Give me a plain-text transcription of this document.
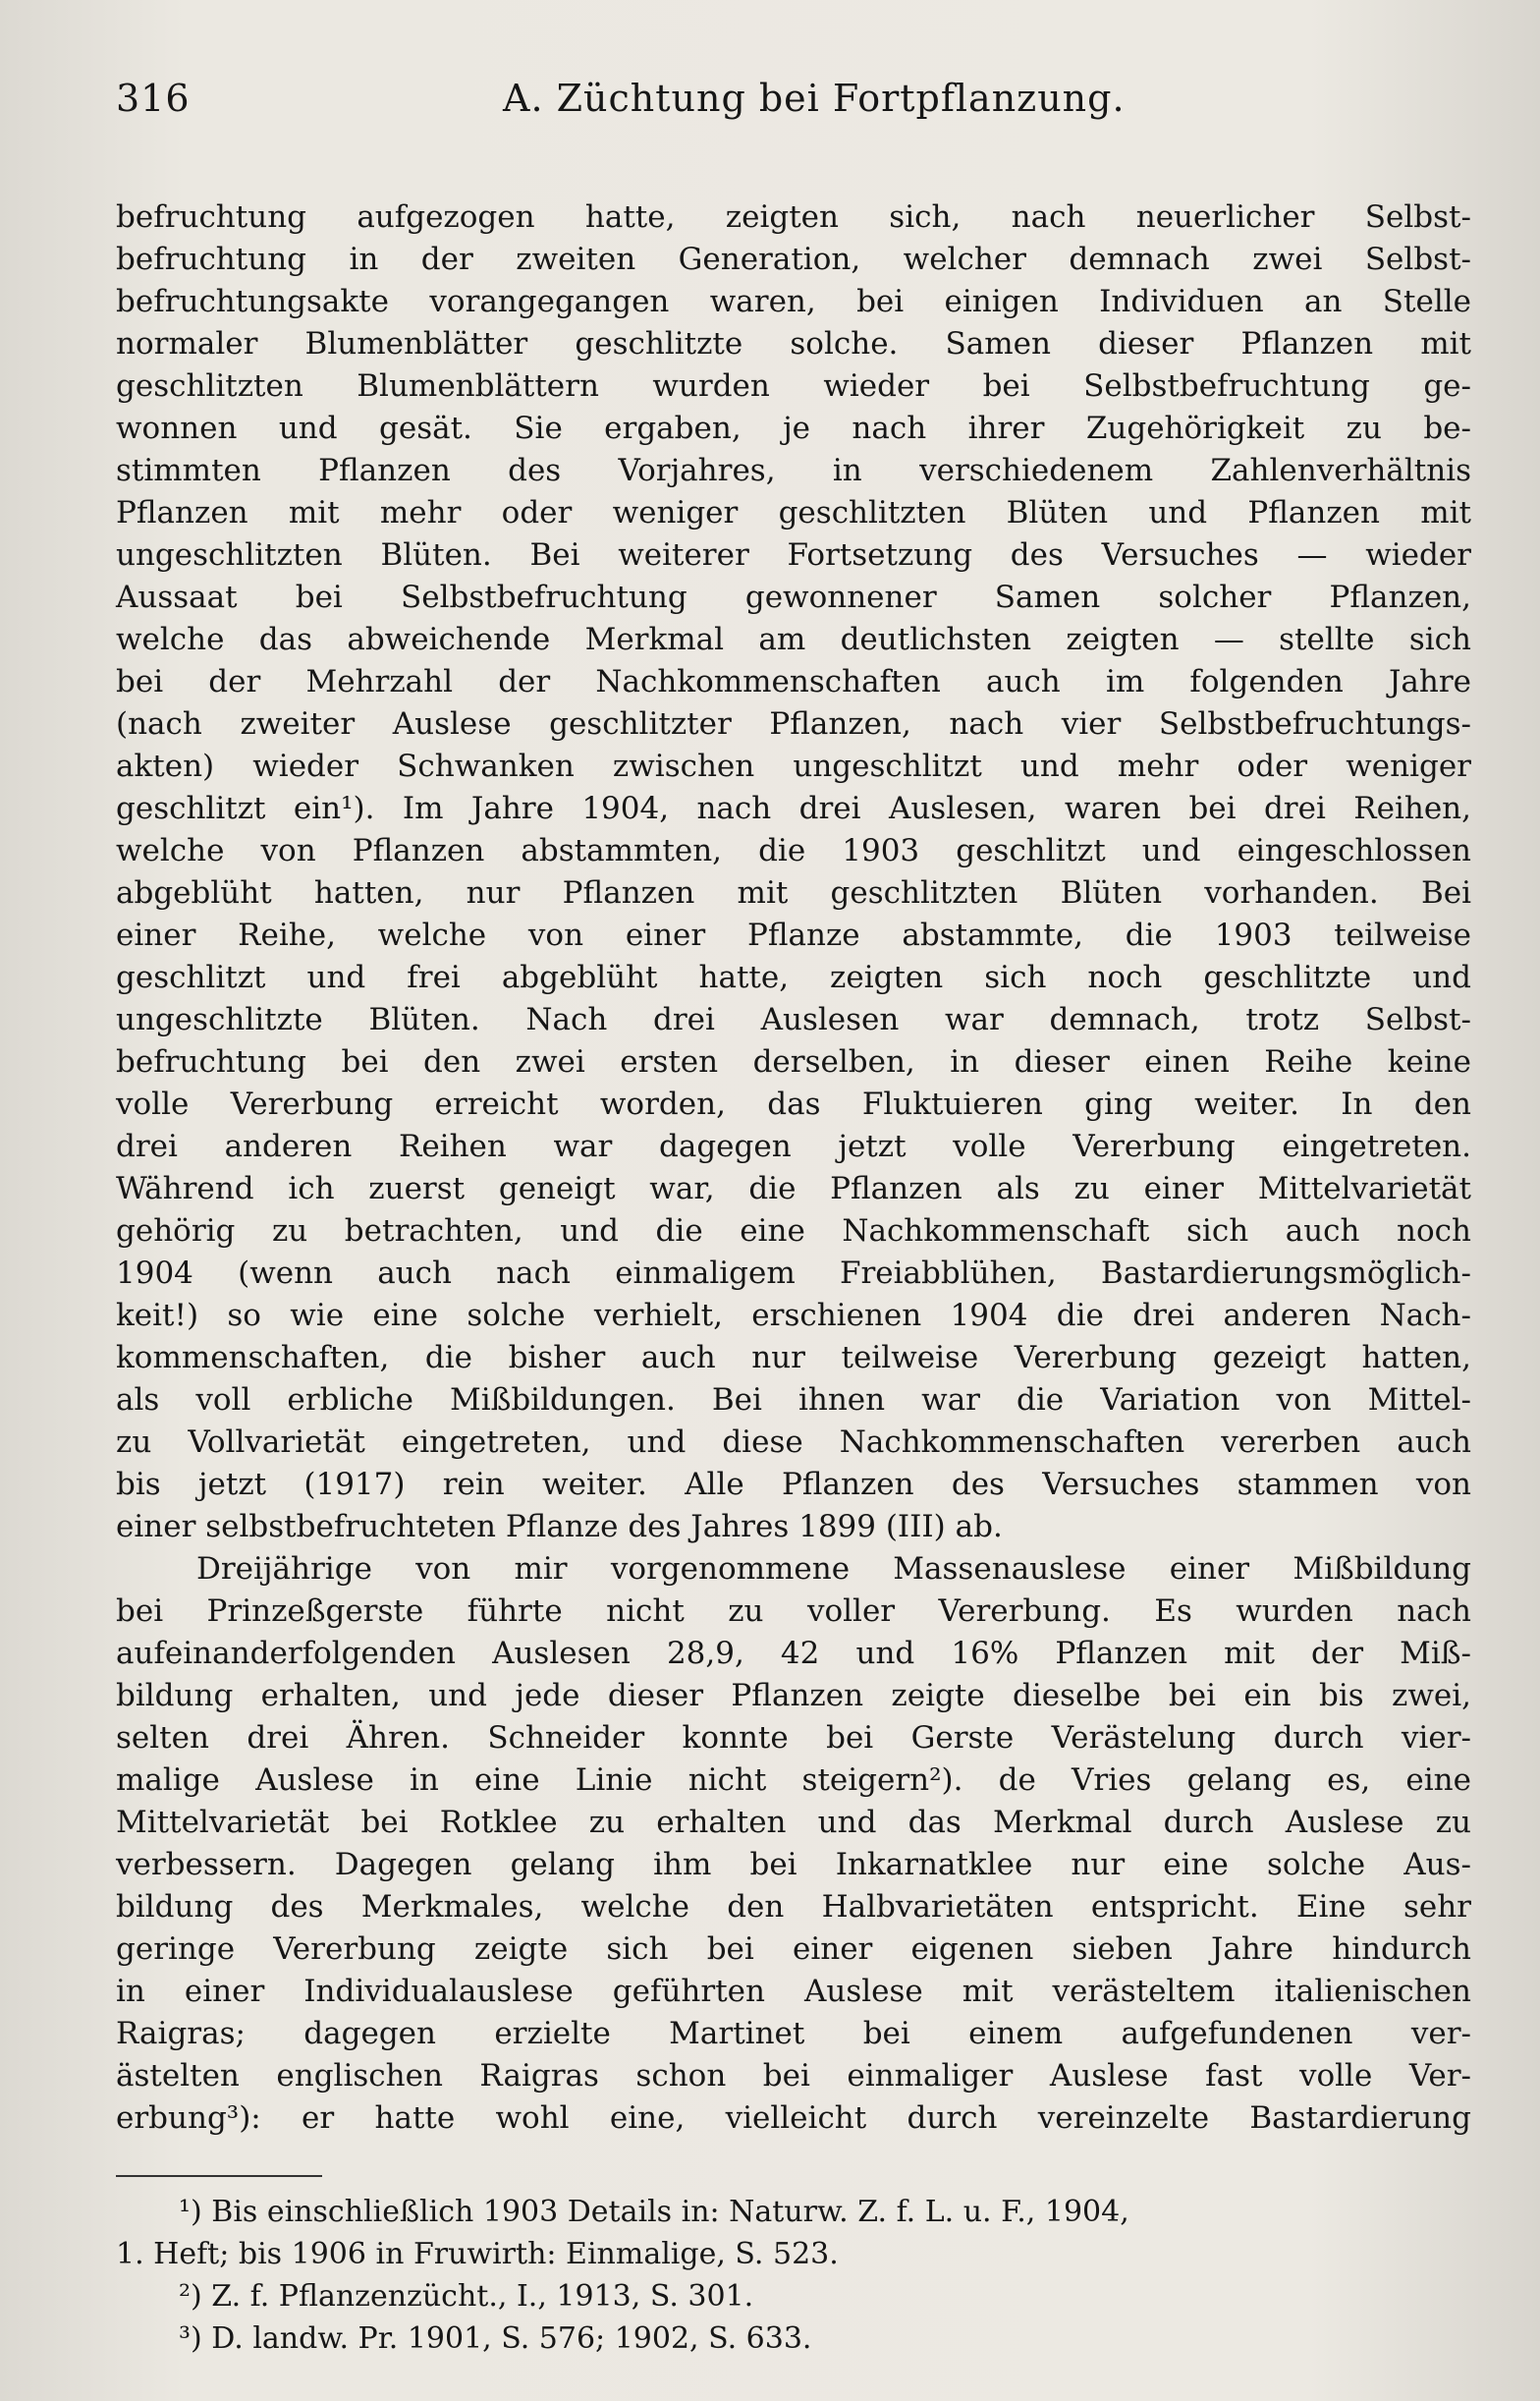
316	A. Züchtung bei Fortpflanzung.
befruchtung aufgezogen hatte, zeigten sich, nach neuerlicher Selbst-
befruchtung in der zweiten Generation, welcher demnach zwei Selbst-
befruchtungsakte vorangegangen waren, bei einigen Individuen an Stelle
normaler Blumenblätter geschlitzte solche. Samen dieser Pflanzen mit
geschlitzten Blumenblättern wurden wieder bei Selbstbefruchtung ge-
wonnen und gesät. Sie ergaben, je nach ihrer Zugehörigkeit zu be-
stimmten Pflanzen des Vorjahres, in verschiedenem Zahlenverhältnis
Pflanzen mit mehr oder weniger geschlitzten Blüten und Pflanzen mit
ungeschlitzten Blüten. Bei weiterer Fortsetzung des Versuches — wieder
Aussaat bei Selbstbefruchtung gewonnener Samen solcher Pflanzen,
welche das abweichende Merkmal am deutlichsten zeigten — stellte sich
bei der Mehrzahl der Nachkommenschaften auch im folgenden Jahre
(nach zweiter Auslese geschlitzter Pflanzen, nach vier Selbstbefruchtungs-
akten) wieder Schwanken zwischen ungeschlitzt und mehr oder weniger
geschlitzt ein¹). Im Jahre 1904, nach drei Auslesen, waren bei drei Reihen,
welche von Pflanzen abstammten, die 1903 geschlitzt und eingeschlossen
abgeblüht hatten, nur Pflanzen mit geschlitzten Blüten vorhanden. Bei
einer Reihe, welche von einer Pflanze abstammte, die 1903 teilweise
geschlitzt und frei abgeblüht hatte, zeigten sich noch geschlitzte und
ungeschlitzte Blüten. Nach drei Auslesen war demnach, trotz Selbst-
befruchtung bei den zwei ersten derselben, in dieser einen Reihe keine
volle Vererbung erreicht worden, das Fluktuieren ging weiter. In den
drei anderen Reihen war dagegen jetzt volle Vererbung eingetreten.
Während ich zuerst geneigt war, die Pflanzen als zu einer Mittelvarietät
gehörig zu betrachten, und die eine Nachkommenschaft sich auch noch
1904 (wenn auch nach einmaligem Freiabblühen, Bastardierungsmöglich-
keit!) so wie eine solche verhielt, erschienen 1904 die drei anderen Nach-
kommenschaften, die bisher auch nur teilweise Vererbung gezeigt hatten,
als voll erbliche Mißbildungen. Bei ihnen war die Variation von Mittel-
zu Vollvarietät eingetreten, und diese Nachkommenschaften vererben auch
bis jetzt (1917) rein weiter. Alle Pflanzen des Versuches stammen von
einer selbstbefruchteten Pflanze des Jahres 1899 (III) ab.
Dreijährige von mir vorgenommene Massenauslese einer Mißbildung
bei Prinzeßgerste führte nicht zu voller Vererbung. Es wurden nach
aufeinanderfolgenden Auslesen 28,9, 42 und 16% Pflanzen mit der Miß-
bildung erhalten, und jede dieser Pflanzen zeigte dieselbe bei ein bis zwei,
selten drei Ähren. Schneider konnte bei Gerste Verästelung durch vier-
malige Auslese in eine Linie nicht steigern²). de Vries gelang es, eine
Mittelvarietät bei Rotklee zu erhalten und das Merkmal durch Auslese zu
verbessern. Dagegen gelang ihm bei Inkarnatklee nur eine solche Aus-
bildung des Merkmales, welche den Halbvarietäten entspricht. Eine sehr
geringe Vererbung zeigte sich bei einer eigenen sieben Jahre hindurch
in einer Individualauslese geführten Auslese mit verästeltem italienischen
Raigras; dagegen erzielte Martinet bei einem aufgefundenen ver-
ästelten englischen Raigras schon bei einmaliger Auslese fast volle Ver-
erbung³): er hatte wohl eine, vielleicht durch vereinzelte Bastardierung
¹) Bis einschließlich 1903 Details in: Naturw. Z. f. L. u. F., 1904,
1. Heft; bis 1906 in Fruwirth: Einmalige, S. 523.
²) Z. f. Pflanzenzücht., I., 1913, S. 301.
³) D. landw. Pr. 1901, S. 576; 1902, S. 633.
